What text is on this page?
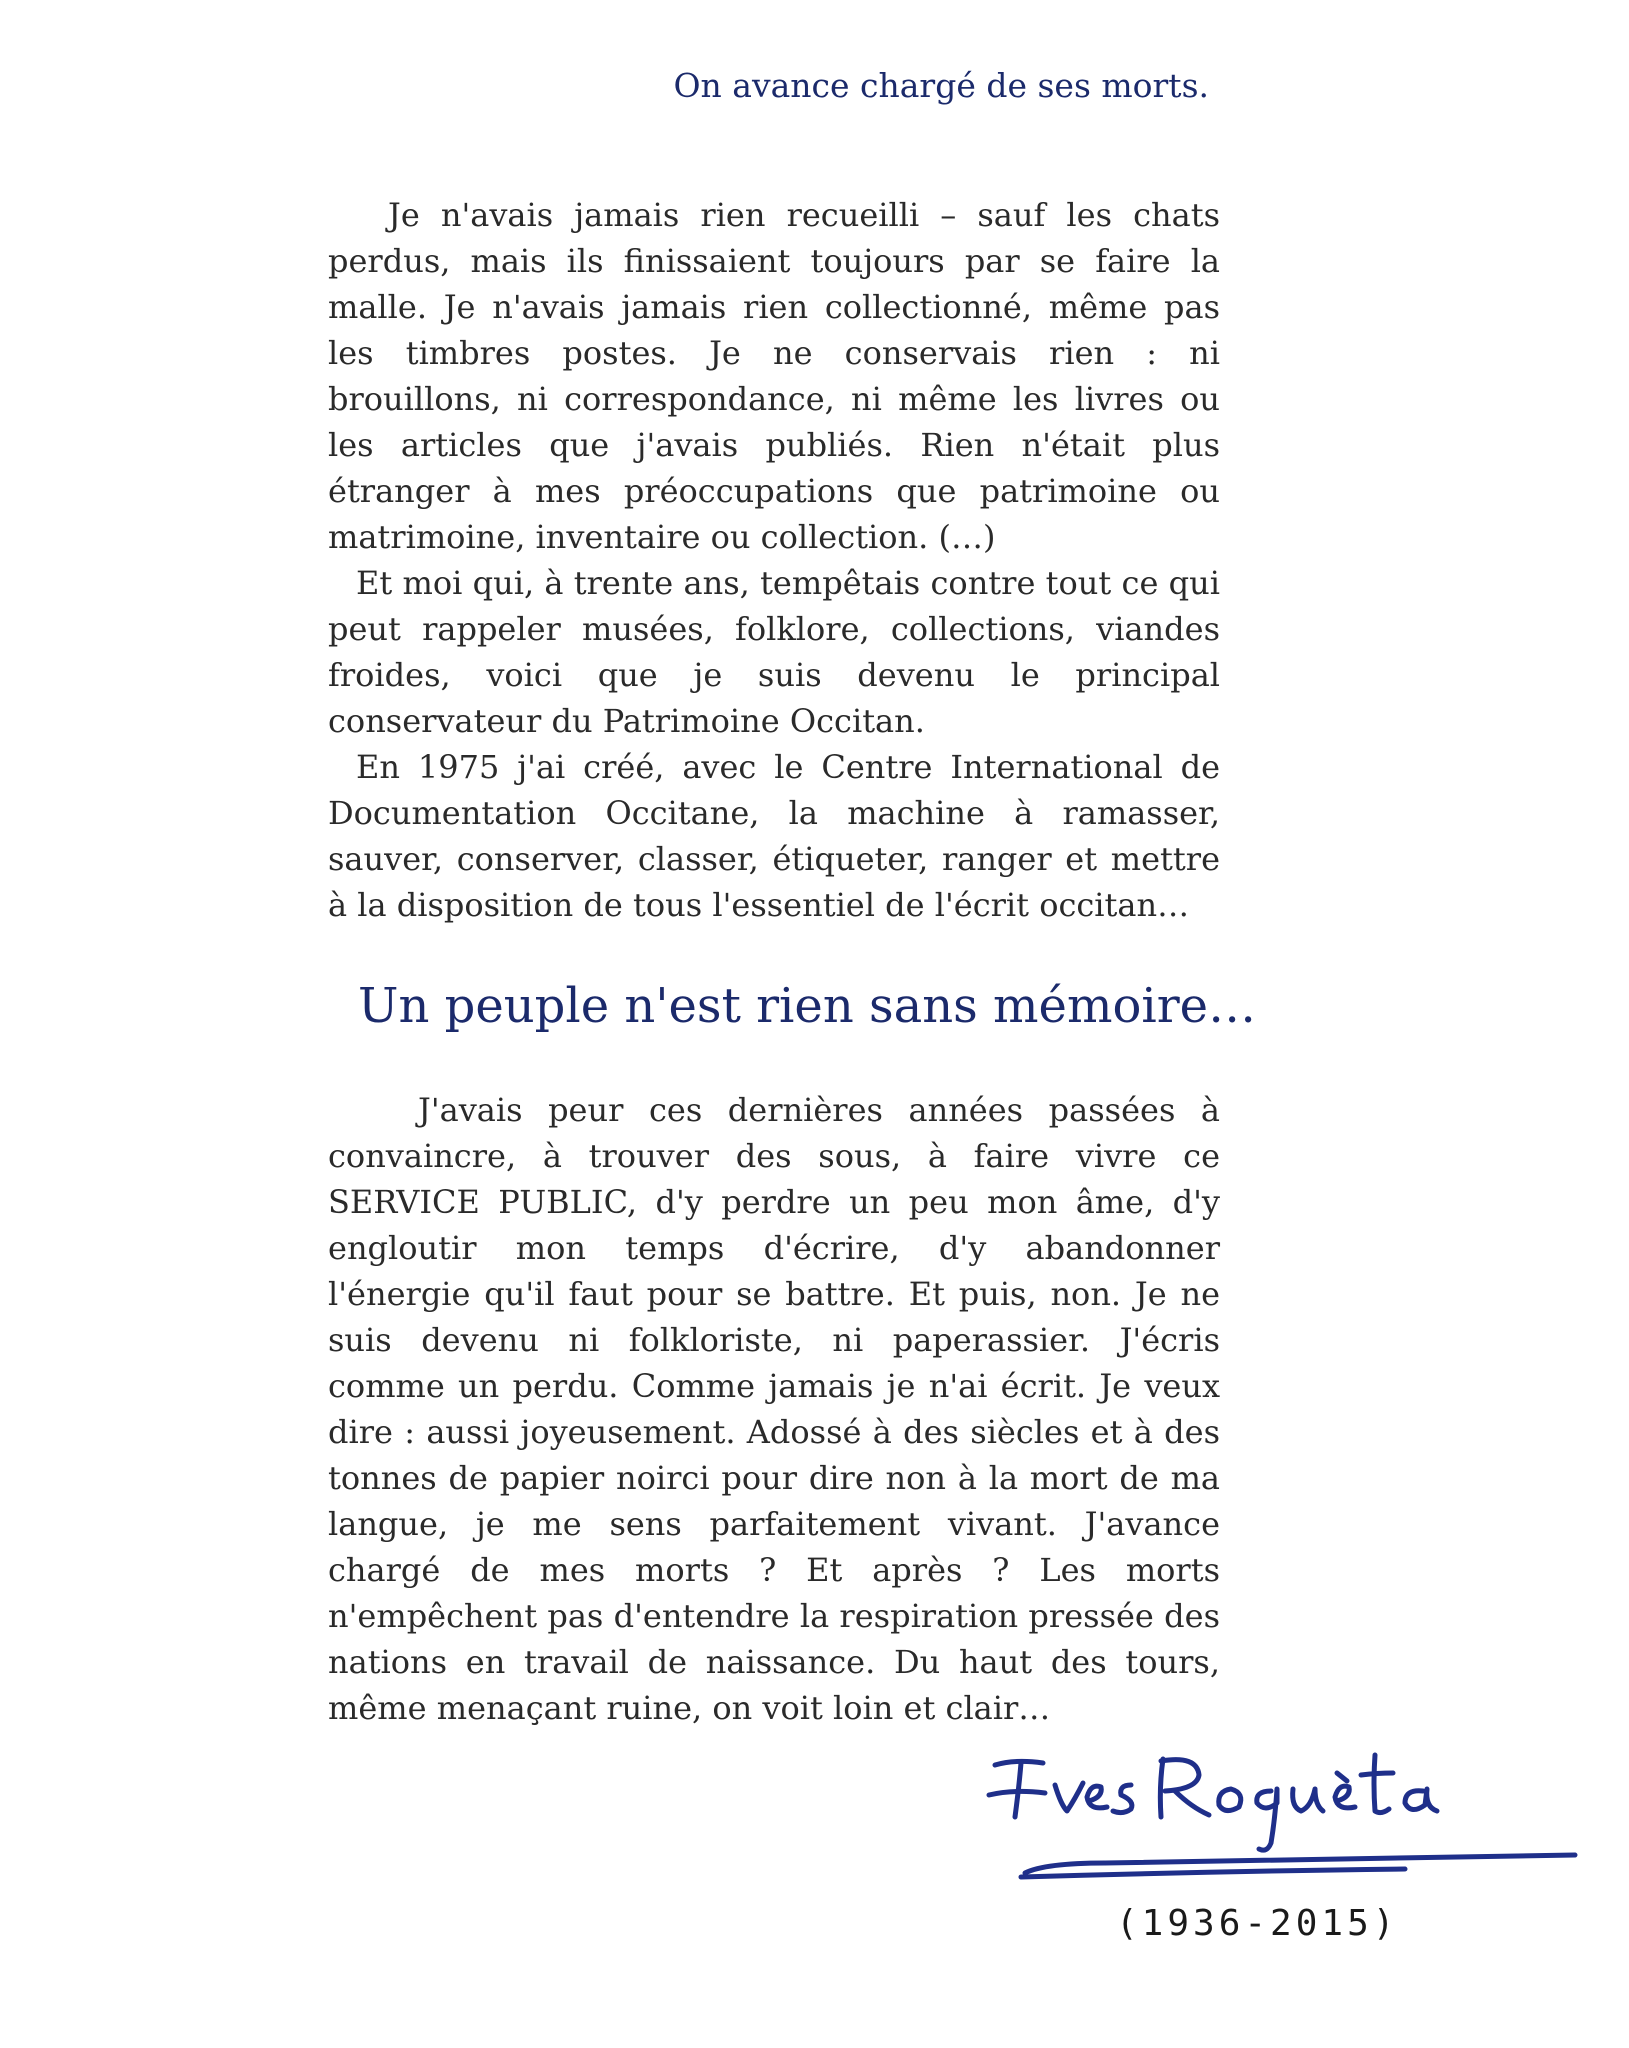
On avance chargé de ses morts.

Je n'avais jamais rien recueilli – sauf les chats perdus, mais ils finissaient toujours par se faire la malle. Je n'avais jamais rien collectionné, même pas les timbres postes. Je ne conservais rien : ni brouillons, ni correspondance, ni même les livres ou les articles que j'avais publiés. Rien n'était plus étranger à mes préoccupations que patrimoine ou matrimoine, inventaire ou collection. (…)

Et moi qui, à trente ans, tempêtais contre tout ce qui peut rappeler musées, folklore, collections, viandes froides, voici que je suis devenu le principal conservateur du Patrimoine Occitan.

En 1975 j'ai créé, avec le Centre International de Documentation Occitane, la machine à ramasser, sauver, conserver, classer, étiqueter, ranger et mettre à la disposition de tous l'essentiel de l'écrit occitan…

Un peuple n'est rien sans mémoire…

J'avais peur ces dernières années passées à convaincre, à trouver des sous, à faire vivre ce SERVICE PUBLIC, d'y perdre un peu mon âme, d'y engloutir mon temps d'écrire, d'y abandonner l'énergie qu'il faut pour se battre. Et puis, non. Je ne suis devenu ni folkloriste, ni paperassier. J'écris comme un perdu. Comme jamais je n'ai écrit. Je veux dire : aussi joyeusement. Adossé à des siècles et à des tonnes de papier noirci pour dire non à la mort de ma langue, je me sens parfaitement vivant. J'avance chargé de mes morts ? Et après ? Les morts n'empêchent pas d'entendre la respiration pressée des nations en travail de naissance. Du haut des tours, même menaçant ruine, on voit loin et clair…

(1936-2015)
